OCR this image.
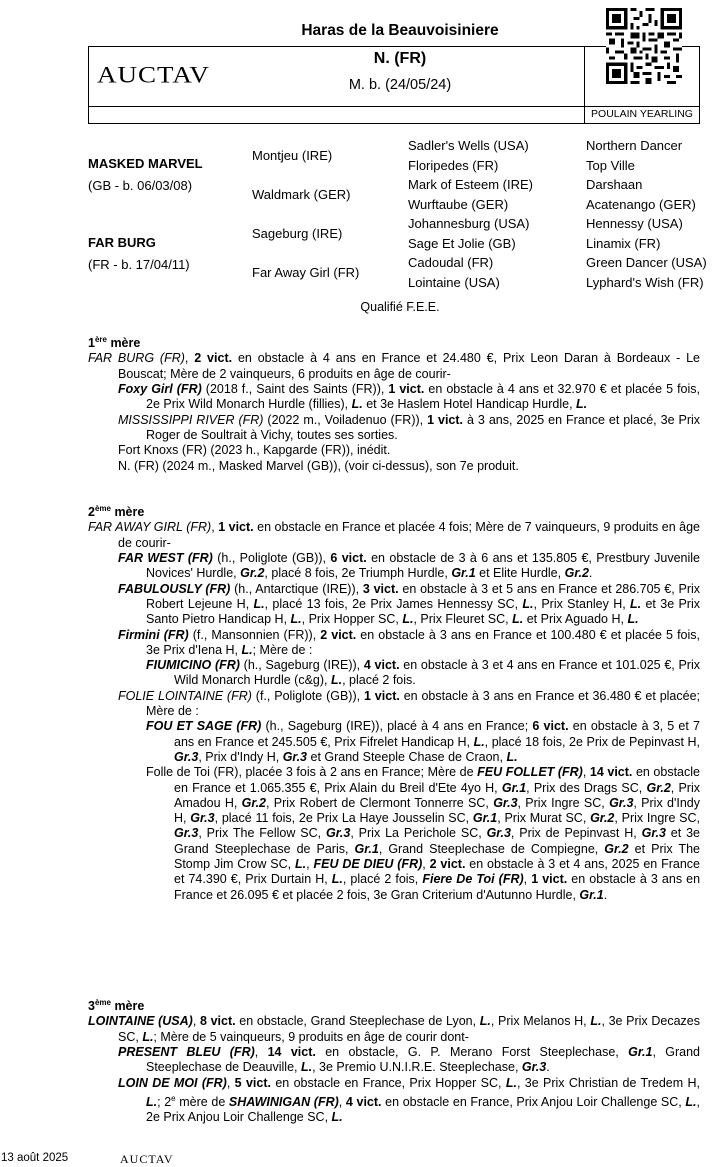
Haras de la Beauvoisiniere
AUCTAV
N. (FR)
M. b. (24/05/24)
POULAIN YEARLING
MASKED MARVEL
(GB - b. 06/03/08)
FAR BURG
(FR - b. 17/04/11)
Montjeu (IRE)
Waldmark (GER)
Sageburg (IRE)
Far Away Girl (FR)
Sadler's Wells (USA)
Floripedes (FR)
Mark of Esteem (IRE)
Wurftaube (GER)
Johannesburg (USA)
Sage Et Jolie (GB)
Cadoudal (FR)
Lointaine (USA)
Northern Dancer
Top Ville
Darshaan
Acatenango (GER)
Hennessy (USA)
Linamix (FR)
Green Dancer (USA)
Lyphard's Wish (FR)
Qualifié F.E.E.

1ère mère

FAR BURG (FR), 2 vict. en obstacle à 4 ans en France et 24.480 €, Prix Leon Daran à Bordeaux - Le Bouscat; Mère de 2 vainqueurs, 6 produits en âge de courir-

Foxy Girl (FR) (2018 f., Saint des Saints (FR)), 1 vict. en obstacle à 4 ans et 32.970 € et placée 5 fois, 2e Prix Wild Monarch Hurdle (fillies), L. et 3e Haslem Hotel Handicap Hurdle, L.

MISSISSIPPI RIVER (FR) (2022 m., Voiladenuo (FR)), 1 vict. à 3 ans, 2025 en France et placé, 3e Prix Roger de Soultrait à Vichy, toutes ses sorties.

Fort Knoxs (FR) (2023 h., Kapgarde (FR)), inédit.

N. (FR) (2024 m., Masked Marvel (GB)), (voir ci-dessus), son 7e produit.

2ème mère

FAR AWAY GIRL (FR), 1 vict. en obstacle en France et placée 4 fois; Mère de 7 vainqueurs, 9 produits en âge de courir-

FAR WEST (FR) (h., Poliglote (GB)), 6 vict. en obstacle de 3 à 6 ans et 135.805 €, Prestbury Juvenile Novices' Hurdle, Gr.2, placé 8 fois, 2e Triumph Hurdle, Gr.1 et Elite Hurdle, Gr.2.

FABULOUSLY (FR) (h., Antarctique (IRE)), 3 vict. en obstacle à 3 et 5 ans en France et 286.705 €, Prix Robert Lejeune H, L., placé 13 fois, 2e Prix James Hennessy SC, L., Prix Stanley H, L. et 3e Prix Santo Pietro Handicap H, L., Prix Hopper SC, L., Prix Fleuret SC, L. et Prix Aguado H, L.

Firmini (FR) (f., Mansonnien (FR)), 2 vict. en obstacle à 3 ans en France et 100.480 € et placée 5 fois, 3e Prix d'Iena H, L.; Mère de :

FIUMICINO (FR) (h., Sageburg (IRE)), 4 vict. en obstacle à 3 et 4 ans en France et 101.025 €, Prix Wild Monarch Hurdle (c&g), L., placé 2 fois.

FOLIE LOINTAINE (FR) (f., Poliglote (GB)), 1 vict. en obstacle à 3 ans en France et 36.480 € et placée; Mère de :

FOU ET SAGE (FR) (h., Sageburg (IRE)), placé à 4 ans en France; 6 vict. en obstacle à 3, 5 et 7 ans en France et 245.505 €, Prix Fifrelet Handicap H, L., placé 18 fois, 2e Prix de Pepinvast H, Gr.3, Prix d'Indy H, Gr.3 et Grand Steeple Chase de Craon, L.

Folle de Toi (FR), placée 3 fois à 2 ans en France; Mère de FEU FOLLET (FR), 14 vict. en obstacle en France et 1.065.355 €, Prix Alain du Breil d'Ete 4yo H, Gr.1, Prix des Drags SC, Gr.2, Prix Amadou H, Gr.2, Prix Robert de Clermont Tonnerre SC, Gr.3, Prix Ingre SC, Gr.3, Prix d'Indy H, Gr.3, placé 11 fois, 2e Prix La Haye Jousselin SC, Gr.1, Prix Murat SC, Gr.2, Prix Ingre SC, Gr.3, Prix The Fellow SC, Gr.3, Prix La Perichole SC, Gr.3, Prix de Pepinvast H, Gr.3 et 3e Grand Steeplechase de Paris, Gr.1, Grand Steeplechase de Compiegne, Gr.2 et Prix The Stomp Jim Crow SC, L., FEU DE DIEU (FR), 2 vict. en obstacle à 3 et 4 ans, 2025 en France et 74.390 €, Prix Durtain H, L., placé 2 fois, Fiere De Toi (FR), 1 vict. en obstacle à 3 ans en France et 26.095 € et placée 2 fois, 3e Gran Criterium d'Autunno Hurdle, Gr.1.

3ème mère

LOINTAINE (USA), 8 vict. en obstacle, Grand Steeplechase de Lyon, L., Prix Melanos H, L., 3e Prix Decazes SC, L.; Mère de 5 vainqueurs, 9 produits en âge de courir dont-

PRESENT BLEU (FR), 14 vict. en obstacle, G. P. Merano Forst Steeplechase, Gr.1, Grand Steeplechase de Deauville, L., 3e Premio U.N.I.R.E. Steeplechase, Gr.3.

LOIN DE MOI (FR), 5 vict. en obstacle en France, Prix Hopper SC, L., 3e Prix Christian de Tredem H, L.; 2e mère de SHAWINIGAN (FR), 4 vict. en obstacle en France, Prix Anjou Loir Challenge SC, L., 2e Prix Anjou Loir Challenge SC, L.

13 août 2025	AUCTAV
